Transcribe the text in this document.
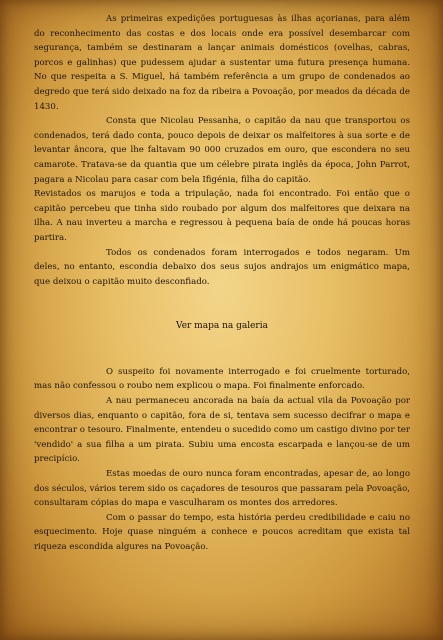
As primeiras expedições portuguesas às ilhas açorianas, para além do reconhecimento das costas e dos locais onde era possível desembarcar com segurança, também se destinaram a lançar animais domésticos (ovelhas, cabras, porcos e galinhas) que pudessem ajudar a sustentar uma futura presença humana. No que respeita a S. Miguel, há também referência a um grupo de condenados ao degredo que terá sido deixado na foz da ribeira a Povoação, por meados da década de 1430.

Consta que Nicolau Pessanha, o capitão da nau que transportou os condenados, terá dado conta, pouco depois de deixar os malfeitores à sua sorte e de levantar âncora, que lhe faltavam 90 000 cruzados em ouro, que escondera no seu camarote. Tratava-se da quantia que um célebre pirata inglês da época, John Parrot, pagara a Nicolau para casar com bela Ifigénia, filha do capitão.

Revistados os marujos e toda a tripulação, nada foi encontrado. Foi então que o capitão percebeu que tinha sido roubado por algum dos malfeitores que deixara na ilha. A nau inverteu a marcha e regressou à pequena baía de onde há poucas horas partira.

Todos os condenados foram interrogados e todos negaram. Um deles, no entanto, escondia debaixo dos seus sujos andrajos um enigmático mapa, que deixou o capitão muito desconfiado.

Ver mapa na galeria

O suspeito foi novamente interrogado e foi cruelmente torturado, mas não confessou o roubo nem explicou o mapa. Foi finalmente enforcado.

A nau permaneceu ancorada na baía da actual vila da Povoação por diversos dias, enquanto o capitão, fora de si, tentava sem sucesso decifrar o mapa e encontrar o tesouro. Finalmente, entendeu o sucedido como um castigo divino por ter 'vendido' a sua filha a um pirata. Subiu uma encosta escarpada e lançou-se de um precipício.

Estas moedas de ouro nunca foram encontradas, apesar de, ao longo dos séculos, vários terem sido os caçadores de tesouros que passaram pela Povoação, consultaram cópias do mapa e vasculharam os montes dos arredores.

Com o passar do tempo, esta história perdeu credibilidade e caiu no esquecimento. Hoje quase ninguém a conhece e poucos acreditam que exista tal riqueza escondida algures na Povoação.
